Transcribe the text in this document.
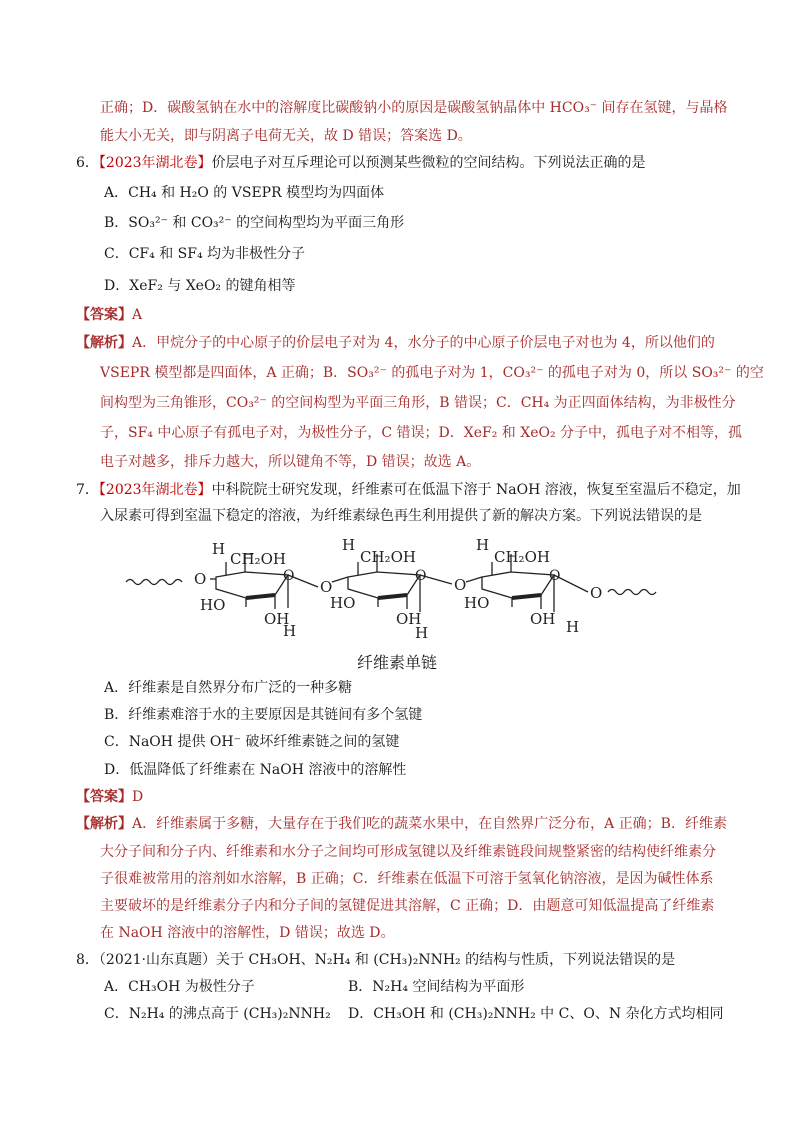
正确；D．碳酸氢钠在水中的溶解度比碳酸钠小的原因是碳酸氢钠晶体中 HCO₃⁻ 间存在氢键，与晶格
能大小无关，即与阴离子电荷无关，故 D 错误；答案选 D。
6．【2023年湖北卷】价层电子对互斥理论可以预测某些微粒的空间结构。下列说法正确的是
A．CH₄ 和 H₂O 的 VSEPR 模型均为四面体
B．SO₃²⁻ 和 CO₃²⁻ 的空间构型均为平面三角形
C．CF₄ 和 SF₄ 均为非极性分子
D．XeF₂ 与 XeO₂ 的键角相等
【答案】A
【解析】A．甲烷分子的中心原子的价层电子对为 4，水分子的中心原子价层电子对也为 4，所以他们的
VSEPR 模型都是四面体，A 正确；B．SO₃²⁻ 的孤电子对为 1，CO₃²⁻ 的孤电子对为 0，所以 SO₃²⁻ 的空
间构型为三角锥形，CO₃²⁻ 的空间构型为平面三角形，B 错误；C．CH₄ 为正四面体结构，为非极性分
子，SF₄ 中心原子有孤电子对，为极性分子，C 错误；D．XeF₂ 和 XeO₂ 分子中，孤电子对不相等，孤
电子对越多，排斥力越大，所以键角不等，D 错误；故选 A。
7．【2023年湖北卷】中科院院士研究发现，纤维素可在低温下溶于 NaOH 溶液，恢复至室温后不稳定，加
入尿素可得到室温下稳定的溶液，为纤维素绿色再生利用提供了新的解决方案。下列说法错误的是
O
H
CH₂OH
O
HO
OH
H
O
H
CH₂OH
O
HO
OH
H
O
H
CH₂OH
O
HO
OH H
O
纤维素单链
A．纤维素是自然界分布广泛的一种多糖
B．纤维素难溶于水的主要原因是其链间有多个氢键
C．NaOH 提供 OH⁻ 破坏纤维素链之间的氢键
D．低温降低了纤维素在 NaOH 溶液中的溶解性
【答案】D
【解析】A．纤维素属于多糖，大量存在于我们吃的蔬菜水果中，在自然界广泛分布，A 正确；B．纤维素
大分子间和分子内、纤维素和水分子之间均可形成氢键以及纤维素链段间规整紧密的结构使纤维素分
子很难被常用的溶剂如水溶解，B 正确；C．纤维素在低温下可溶于氢氧化钠溶液，是因为碱性体系
主要破坏的是纤维素分子内和分子间的氢键促进其溶解，C 正确；D．由题意可知低温提高了纤维素
在 NaOH 溶液中的溶解性，D 错误；故选 D。
8．（2021·山东真题）关于 CH₃OH、N₂H₄ 和 (CH₃)₂NNH₂ 的结构与性质，下列说法错误的是
A．CH₃OH 为极性分子	B．N₂H₄ 空间结构为平面形
C．N₂H₄ 的沸点高于 (CH₃)₂NNH₂ D．CH₃OH 和 (CH₃)₂NNH₂ 中 C、O、N 杂化方式均相同
